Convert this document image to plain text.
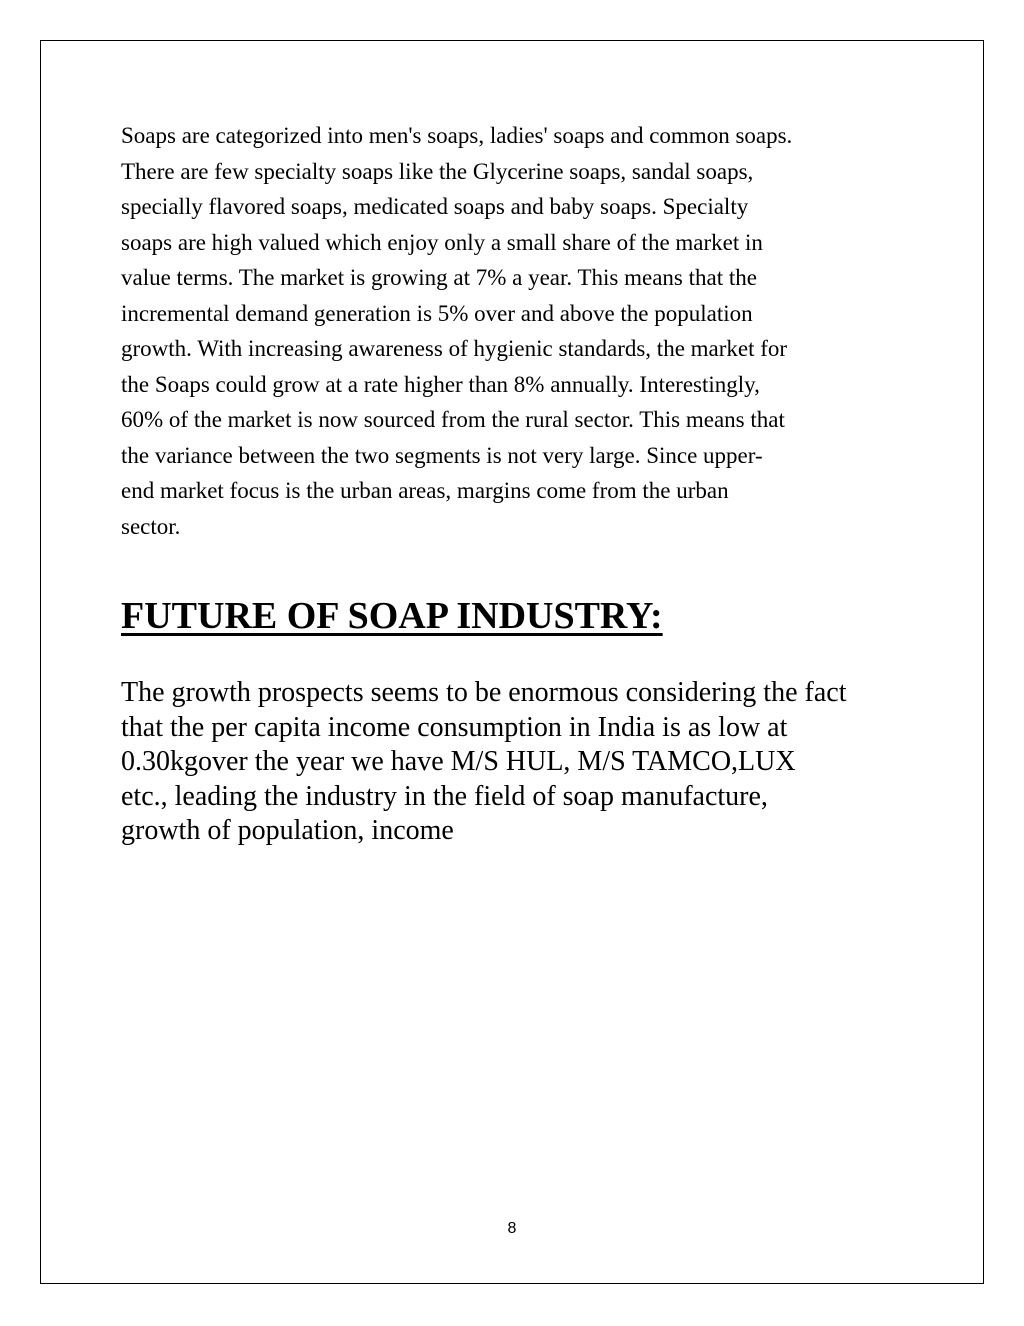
Soaps are categorized into men's soaps, ladies' soaps and common soaps.

There are few specialty soaps like the Glycerine soaps, sandal soaps,

specially flavored soaps, medicated soaps and baby soaps. Specialty

soaps are high valued which enjoy only a small share of the market in

value terms. The market is growing at 7% a year. This means that the

incremental demand generation is 5% over and above the population

growth. With increasing awareness of hygienic standards, the market for

the Soaps could grow at a rate higher than 8% annually. Interestingly,

60% of the market is now sourced from the rural sector. This means that

the variance between the two segments is not very large. Since upper-

end market focus is the urban areas, margins come from the urban

sector.

FUTURE OF SOAP INDUSTRY:

The growth prospects seems to be enormous considering the fact

that the per capita income consumption in India is as low at

0.30kgover the year we have M/S HUL, M/S TAMCO,LUX

etc., leading the industry in the field of soap manufacture,

growth of population, income

8
